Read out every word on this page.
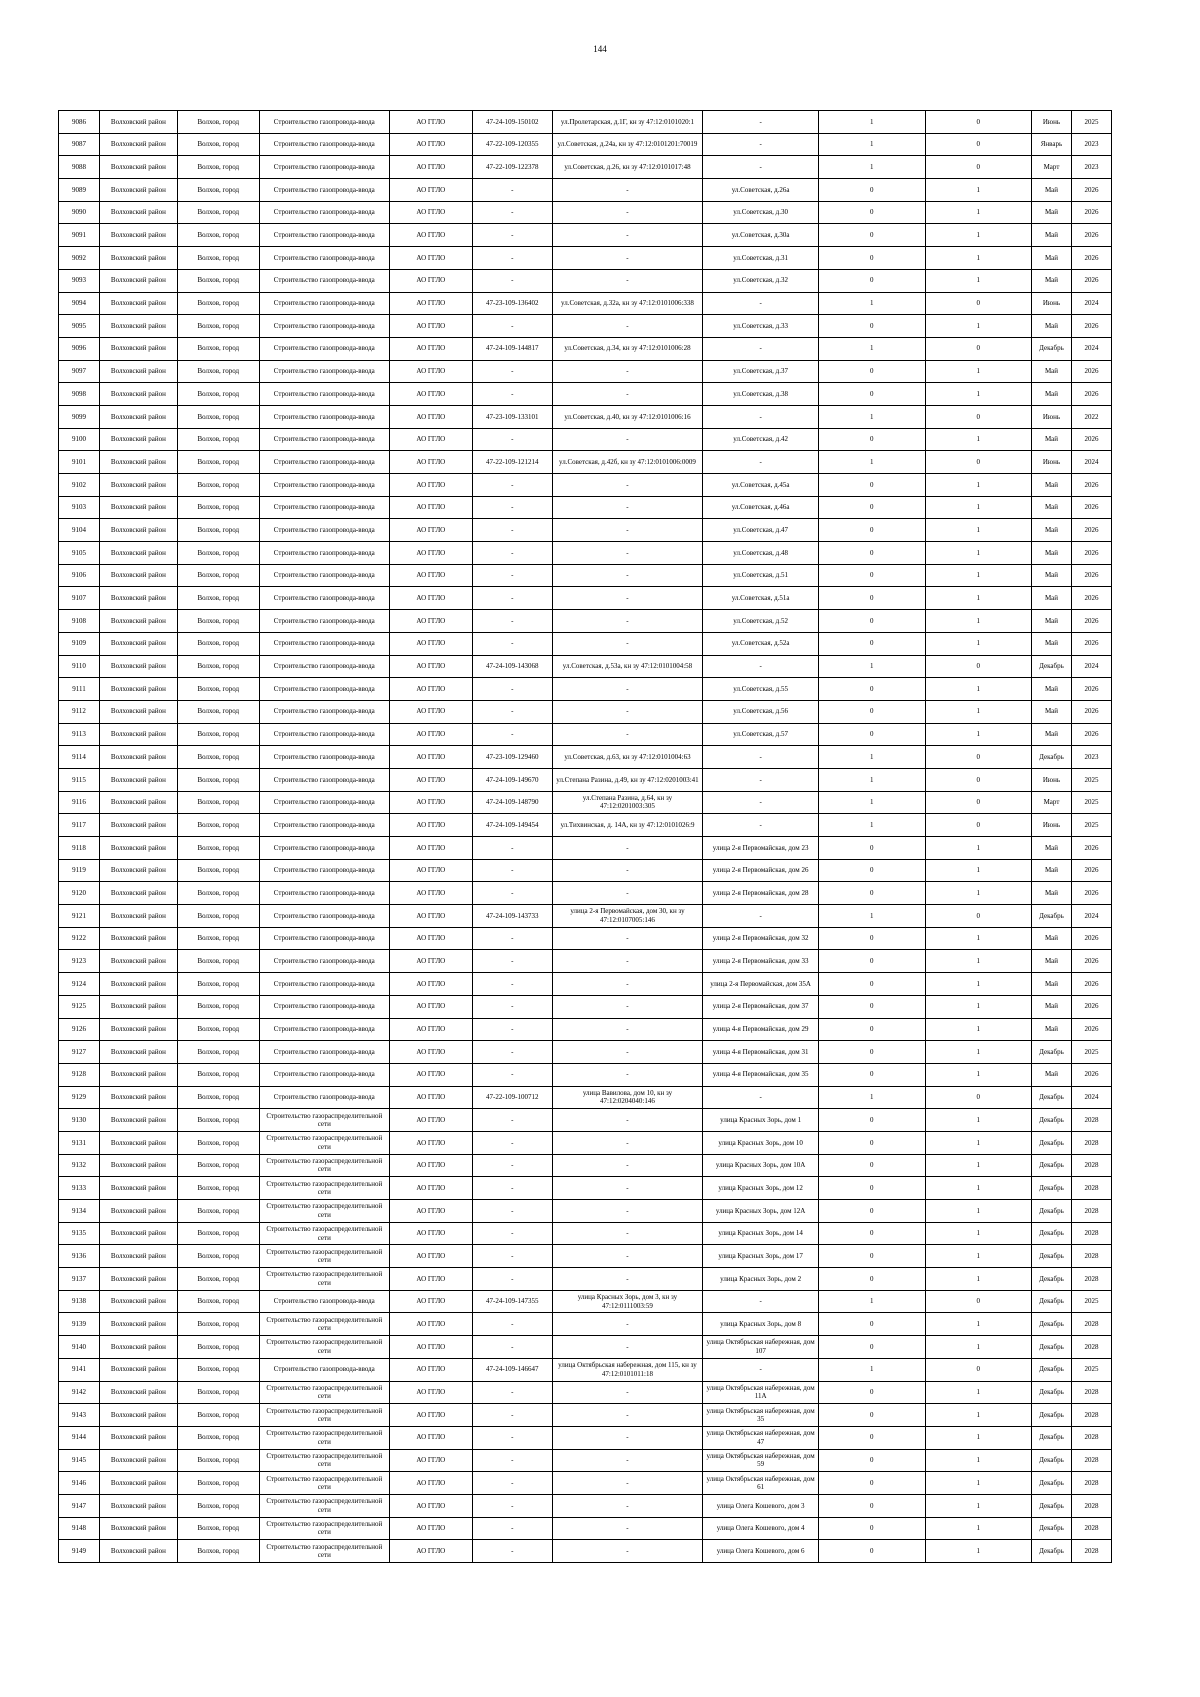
144
9086	Волховский район	Волхов, город	Строительство газопровода-ввода	АО ГГЛО	47-24-109-150102	ул.Пролетарская, д.1Г, кн зу 47:12:0101020:1	-	1	0	Июнь	2025
9087	Волховский район	Волхов, город	Строительство газопровода-ввода	АО ГГЛО	47-22-109-120355	ул.Советская, д.24а, кн зу 47:12:0101201:70019	-	1	0	Январь	2023
9088	Волховский район	Волхов, город	Строительство газопровода-ввода	АО ГГЛО	47-22-109-122378	ул.Советская, д.26, кн зу 47:12:0101017:48	-	1	0	Март	2023
9089	Волховский район	Волхов, город	Строительство газопровода-ввода	АО ГГЛО	-	-	ул.Советская, д.26а	0	1	Май	2026
9090	Волховский район	Волхов, город	Строительство газопровода-ввода	АО ГГЛО	-	-	ул.Советская, д.30	0	1	Май	2026
9091	Волховский район	Волхов, город	Строительство газопровода-ввода	АО ГГЛО	-	-	ул.Советская, д.30а	0	1	Май	2026
9092	Волховский район	Волхов, город	Строительство газопровода-ввода	АО ГГЛО	-	-	ул.Советская, д.31	0	1	Май	2026
9093	Волховский район	Волхов, город	Строительство газопровода-ввода	АО ГГЛО	-	-	ул.Советская, д.32	0	1	Май	2026
9094	Волховский район	Волхов, город	Строительство газопровода-ввода	АО ГГЛО	47-23-109-136402	ул.Советская, д.32а, кн зу 47:12:0101006:338	-	1	0	Июнь	2024
9095	Волховский район	Волхов, город	Строительство газопровода-ввода	АО ГГЛО	-	-	ул.Советская, д.33	0	1	Май	2026
9096	Волховский район	Волхов, город	Строительство газопровода-ввода	АО ГГЛО	47-24-109-144817	ул.Советская, д.34, кн зу 47:12:0101006:28	-	1	0	Декабрь	2024
9097	Волховский район	Волхов, город	Строительство газопровода-ввода	АО ГГЛО	-	-	ул.Советская, д.37	0	1	Май	2026
9098	Волховский район	Волхов, город	Строительство газопровода-ввода	АО ГГЛО	-	-	ул.Советская, д.38	0	1	Май	2026
9099	Волховский район	Волхов, город	Строительство газопровода-ввода	АО ГГЛО	47-23-109-133101	ул.Советская, д.40, кн зу 47:12:0101006:16	-	1	0	Июнь	2022
9100	Волховский район	Волхов, город	Строительство газопровода-ввода	АО ГГЛО	-	-	ул.Советская, д.42	0	1	Май	2026
9101	Волховский район	Волхов, город	Строительство газопровода-ввода	АО ГГЛО	47-22-109-121214	ул.Советская, д.42б, кн зу 47:12:0101006:0009	-	1	0	Июнь	2024
9102	Волховский район	Волхов, город	Строительство газопровода-ввода	АО ГГЛО	-	-	ул.Советская, д.45а	0	1	Май	2026
9103	Волховский район	Волхов, город	Строительство газопровода-ввода	АО ГГЛО	-	-	ул.Советская, д.46а	0	1	Май	2026
9104	Волховский район	Волхов, город	Строительство газопровода-ввода	АО ГГЛО	-	-	ул.Советская, д.47	0	1	Май	2026
9105	Волховский район	Волхов, город	Строительство газопровода-ввода	АО ГГЛО	-	-	ул.Советская, д.48	0	1	Май	2026
9106	Волховский район	Волхов, город	Строительство газопровода-ввода	АО ГГЛО	-	-	ул.Советская, д.51	0	1	Май	2026
9107	Волховский район	Волхов, город	Строительство газопровода-ввода	АО ГГЛО	-	-	ул.Советская, д.51а	0	1	Май	2026
9108	Волховский район	Волхов, город	Строительство газопровода-ввода	АО ГГЛО	-	-	ул.Советская, д.52	0	1	Май	2026
9109	Волховский район	Волхов, город	Строительство газопровода-ввода	АО ГГЛО	-	-	ул.Советская, д.52а	0	1	Май	2026
9110	Волховский район	Волхов, город	Строительство газопровода-ввода	АО ГГЛО	47-24-109-143068	ул.Советская, д.53а, кн зу 47:12:0101004:58	-	1	0	Декабрь	2024
9111	Волховский район	Волхов, город	Строительство газопровода-ввода	АО ГГЛО	-	-	ул.Советская, д.55	0	1	Май	2026
9112	Волховский район	Волхов, город	Строительство газопровода-ввода	АО ГГЛО	-	-	ул.Советская, д.56	0	1	Май	2026
9113	Волховский район	Волхов, город	Строительство газопровода-ввода	АО ГГЛО	-	-	ул.Советская, д.57	0	1	Май	2026
9114	Волховский район	Волхов, город	Строительство газопровода-ввода	АО ГГЛО	47-23-109-129460	ул.Советская, д.63, кн зу 47:12:0101004:63	-	1	0	Декабрь	2023
9115	Волховский район	Волхов, город	Строительство газопровода-ввода	АО ГГЛО	47-24-109-149670	ул.Степана Разина, д.49, кн зу 47:12:0201003:41	-	1	0	Июнь	2025
9116	Волховский район	Волхов, город	Строительство газопровода-ввода	АО ГГЛО	47-24-109-148790	ул.Степана Разина, д.64, кн зу 47:12:0201003:305	-	1	0	Март	2025
9117	Волховский район	Волхов, город	Строительство газопровода-ввода	АО ГГЛО	47-24-109-149454	ул.Тихвинская, д. 14А, кн зу 47:12:0101026:9	-	1	0	Июнь	2025
9118	Волховский район	Волхов, город	Строительство газопровода-ввода	АО ГГЛО	-	-	улица 2-я Первомайская, дом 23	0	1	Май	2026
9119	Волховский район	Волхов, город	Строительство газопровода-ввода	АО ГГЛО	-	-	улица 2-я Первомайская, дом 26	0	1	Май	2026
9120	Волховский район	Волхов, город	Строительство газопровода-ввода	АО ГГЛО	-	-	улица 2-я Первомайская, дом 28	0	1	Май	2026
9121	Волховский район	Волхов, город	Строительство газопровода-ввода	АО ГГЛО	47-24-109-143733	улица 2-я Первомайская, дом 30, кн зу 47:12:0107005:146	-	1	0	Декабрь	2024
9122	Волховский район	Волхов, город	Строительство газопровода-ввода	АО ГГЛО	-	-	улица 2-я Первомайская, дом 32	0	1	Май	2026
9123	Волховский район	Волхов, город	Строительство газопровода-ввода	АО ГГЛО	-	-	улица 2-я Первомайская, дом 33	0	1	Май	2026
9124	Волховский район	Волхов, город	Строительство газопровода-ввода	АО ГГЛО	-	-	улица 2-я Первомайская, дом 35А	0	1	Май	2026
9125	Волховский район	Волхов, город	Строительство газопровода-ввода	АО ГГЛО	-	-	улица 2-я Первомайская, дом 37	0	1	Май	2026
9126	Волховский район	Волхов, город	Строительство газопровода-ввода	АО ГГЛО	-	-	улица 4-я Первомайская, дом 29	0	1	Май	2026
9127	Волховский район	Волхов, город	Строительство газопровода-ввода	АО ГГЛО	-	-	улица 4-я Первомайская, дом 31	0	1	Декабрь	2025
9128	Волховский район	Волхов, город	Строительство газопровода-ввода	АО ГГЛО	-	-	улица 4-я Первомайская, дом 35	0	1	Май	2026
9129	Волховский район	Волхов, город	Строительство газопровода-ввода	АО ГГЛО	47-22-109-100712	улица Вавилова, дом 10, кн зу 47:12:0204040:146	-	1	0	Декабрь	2024
9130	Волховский район	Волхов, город	Строительство газораспределительной сети	АО ГГЛО	-	-	улица Красных Зорь, дом 1	0	1	Декабрь	2028
9131	Волховский район	Волхов, город	Строительство газораспределительной сети	АО ГГЛО	-	-	улица Красных Зорь, дом 10	0	1	Декабрь	2028
9132	Волховский район	Волхов, город	Строительство газораспределительной сети	АО ГГЛО	-	-	улица Красных Зорь, дом 10А	0	1	Декабрь	2028
9133	Волховский район	Волхов, город	Строительство газораспределительной сети	АО ГГЛО	-	-	улица Красных Зорь, дом 12	0	1	Декабрь	2028
9134	Волховский район	Волхов, город	Строительство газораспределительной сети	АО ГГЛО	-	-	улица Красных Зорь, дом 12А	0	1	Декабрь	2028
9135	Волховский район	Волхов, город	Строительство газораспределительной сети	АО ГГЛО	-	-	улица Красных Зорь, дом 14	0	1	Декабрь	2028
9136	Волховский район	Волхов, город	Строительство газораспределительной сети	АО ГГЛО	-	-	улица Красных Зорь, дом 17	0	1	Декабрь	2028
9137	Волховский район	Волхов, город	Строительство газораспределительной сети	АО ГГЛО	-	-	улица Красных Зорь, дом 2	0	1	Декабрь	2028
9138	Волховский район	Волхов, город	Строительство газопровода-ввода	АО ГГЛО	47-24-109-147355	улица Красных Зорь, дом 3, кн зу 47:12:0111003:59	-	1	0	Декабрь	2025
9139	Волховский район	Волхов, город	Строительство газораспределительной сети	АО ГГЛО	-	-	улица Красных Зорь, дом 8	0	1	Декабрь	2028
9140	Волховский район	Волхов, город	Строительство газораспределительной сети	АО ГГЛО	-	-	улица Октябрьская набережная, дом 107	0	1	Декабрь	2028
9141	Волховский район	Волхов, город	Строительство газопровода-ввода	АО ГГЛО	47-24-109-146647	улица Октябрьская набережная, дом 115, кн зу 47:12:0101011:18	-	1	0	Декабрь	2025
9142	Волховский район	Волхов, город	Строительство газораспределительной сети	АО ГГЛО	-	-	улица Октябрьская набережная, дом 11А	0	1	Декабрь	2028
9143	Волховский район	Волхов, город	Строительство газораспределительной сети	АО ГГЛО	-	-	улица Октябрьская набережная, дом 35	0	1	Декабрь	2028
9144	Волховский район	Волхов, город	Строительство газораспределительной сети	АО ГГЛО	-	-	улица Октябрьская набережная, дом 47	0	1	Декабрь	2028
9145	Волховский район	Волхов, город	Строительство газораспределительной сети	АО ГГЛО	-	-	улица Октябрьская набережная, дом 59	0	1	Декабрь	2028
9146	Волховский район	Волхов, город	Строительство газораспределительной сети	АО ГГЛО	-	-	улица Октябрьская набережная, дом 61	0	1	Декабрь	2028
9147	Волховский район	Волхов, город	Строительство газораспределительной сети	АО ГГЛО	-	-	улица Олега Кошевого, дом 3	0	1	Декабрь	2028
9148	Волховский район	Волхов, город	Строительство газораспределительной сети	АО ГГЛО	-	-	улица Олега Кошевого, дом 4	0	1	Декабрь	2028
9149	Волховский район	Волхов, город	Строительство газораспределительной сети	АО ГГЛО	-	-	улица Олега Кошевого, дом 6	0	1	Декабрь	2028
